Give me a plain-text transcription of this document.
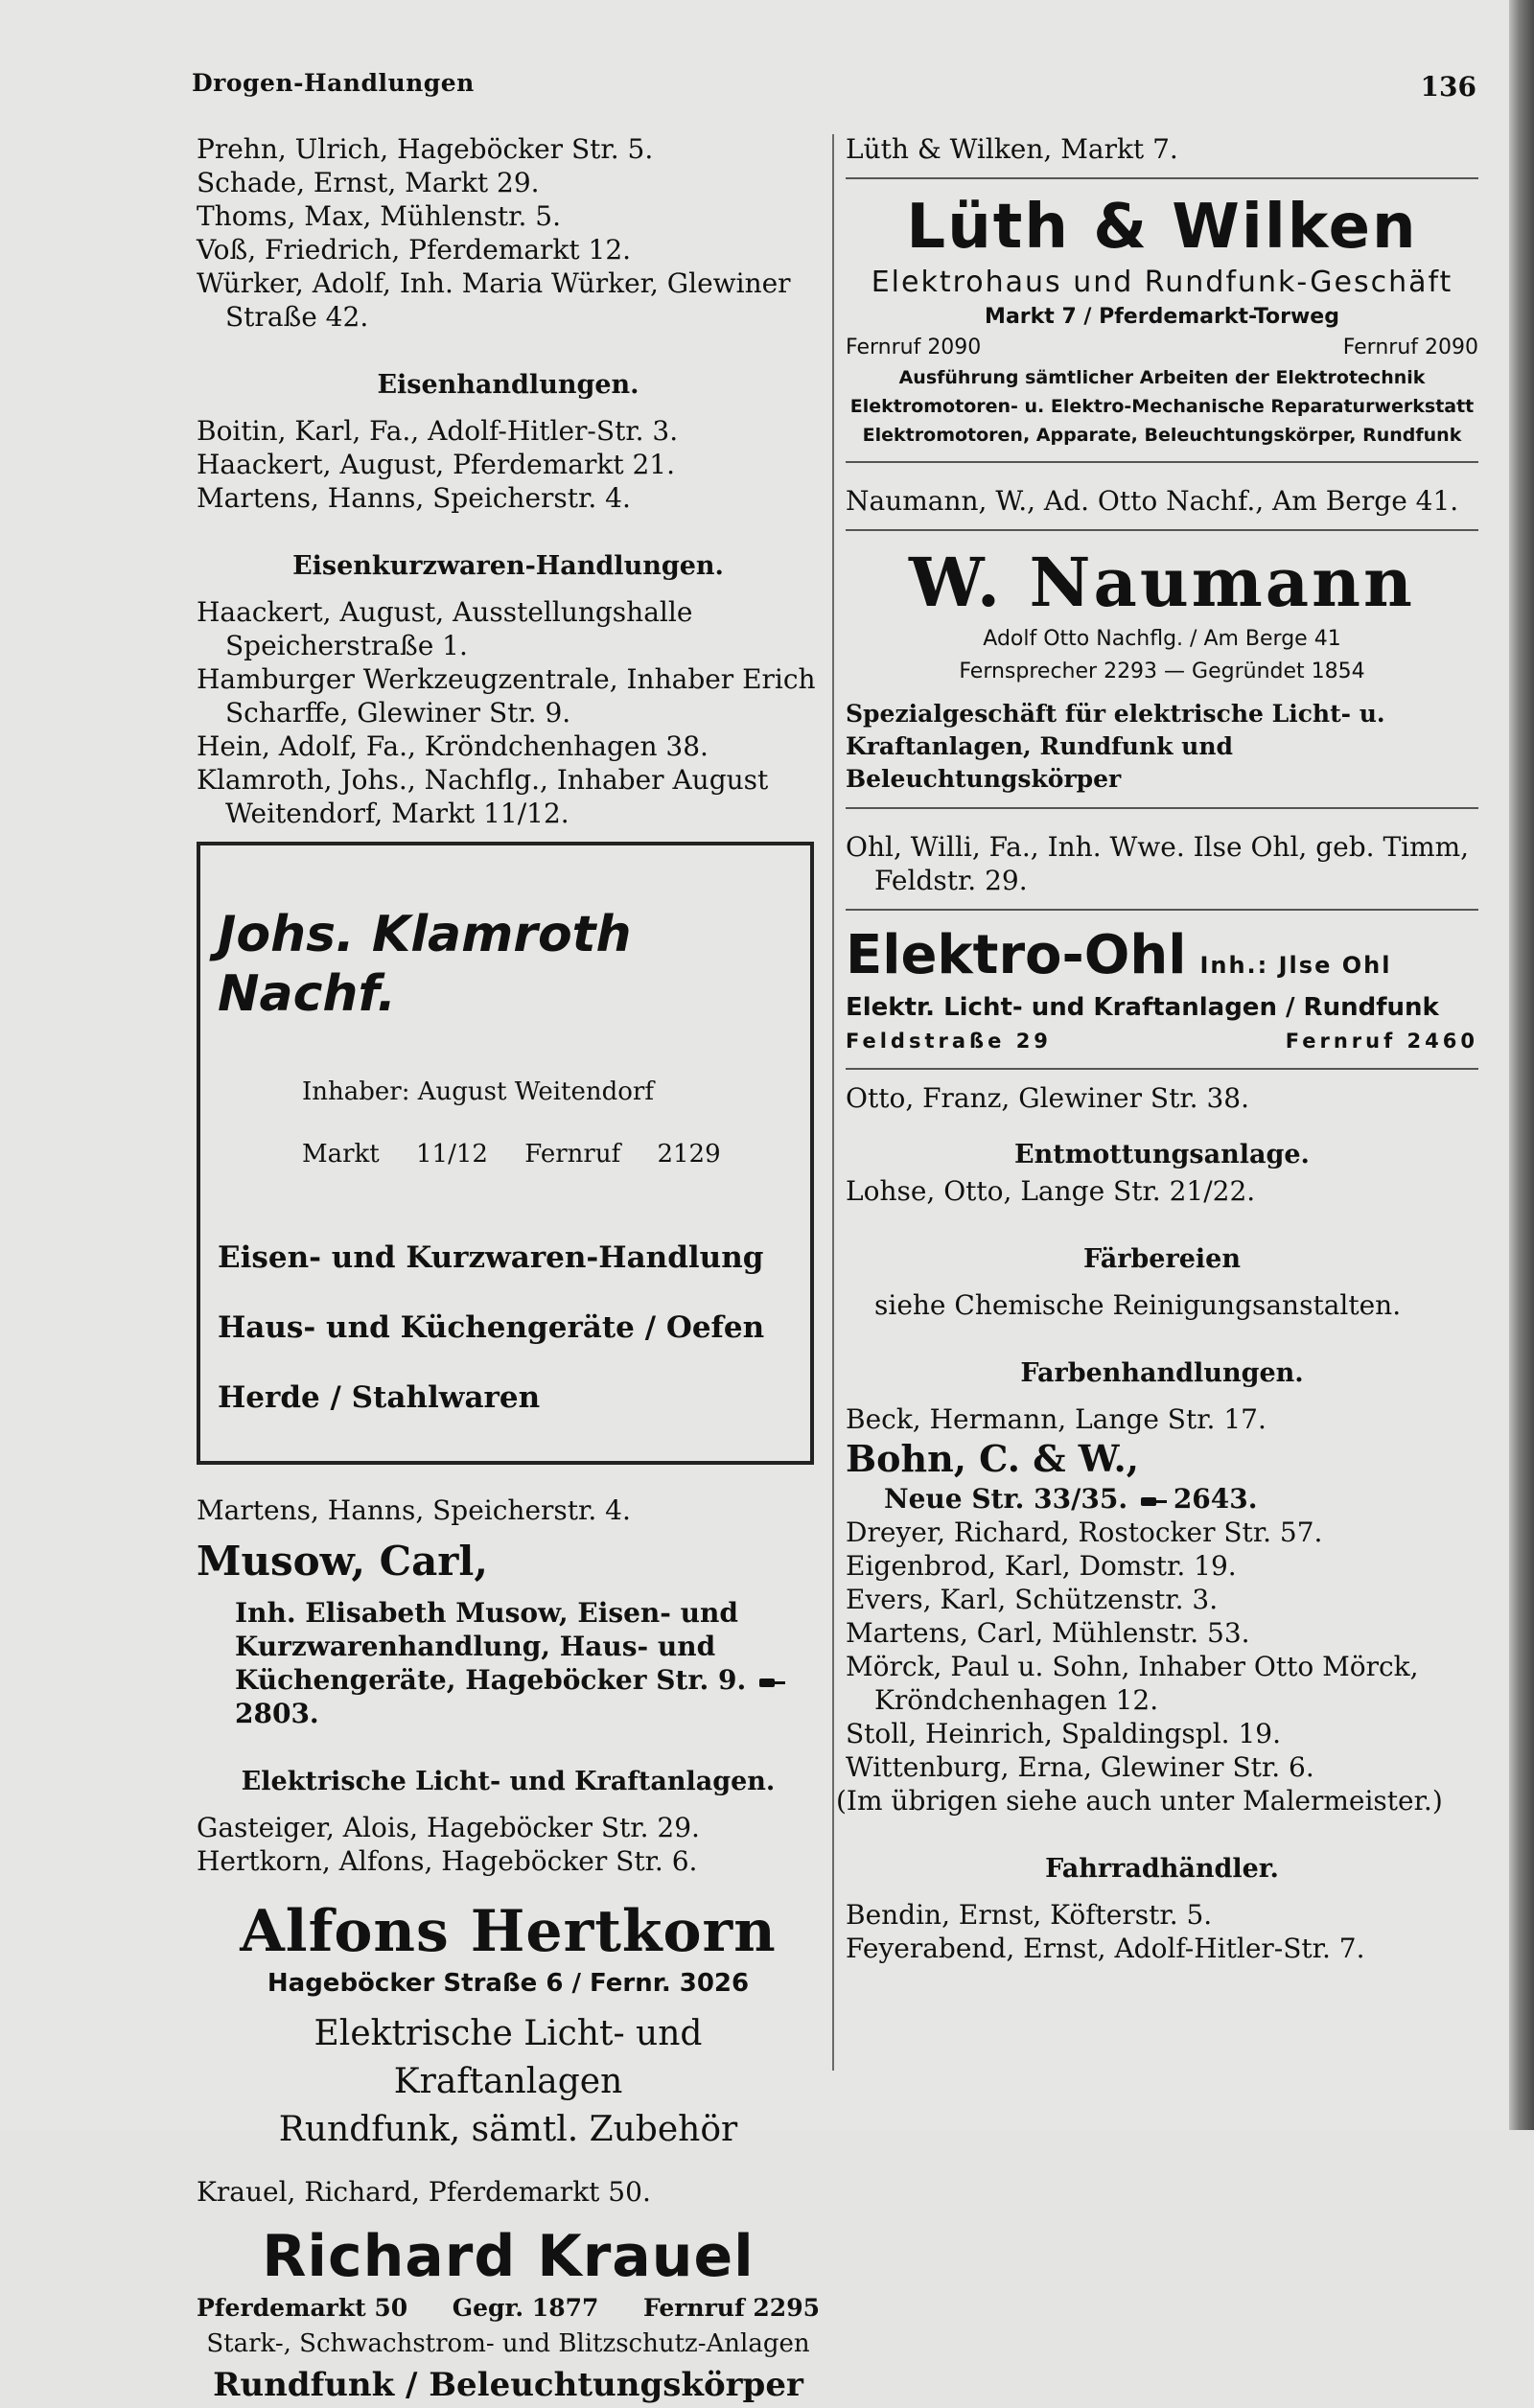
Drogen-Handlungen	136

Prehn, Ulrich, Hageböcker Str. 5.

Schade, Ernst, Markt 29.

Thoms, Max, Mühlenstr. 5.

Voß, Friedrich, Pferdemarkt 12.

Würker, Adolf, Inh. Maria Würker, Glewiner Straße 42.

Eisenhandlungen.

Boitin, Karl, Fa., Adolf-Hitler-Str. 3.

Haackert, August, Pferdemarkt 21.

Martens, Hanns, Speicherstr. 4.

Eisenkurzwaren-Handlungen.

Haackert, August, Ausstellungshalle Speicherstraße 1.

Hamburger Werkzeugzentrale, Inhaber Erich Scharffe, Glewiner Str. 9.

Hein, Adolf, Fa., Kröndchenhagen 38.

Klamroth, Johs., Nachflg., Inhaber August Weitendorf, Markt 11/12.

Johs. Klamroth Nachf.

Inhaber: August Weitendorf

Markt 11/12 Fernruf 2129

Eisen- und Kurzwaren-Handlung

Haus- und Küchengeräte / Oefen

Herde / Stahlwaren

Martens, Hanns, Speicherstr. 4.

Musow, Carl,

Inh. Elisabeth Musow, Eisen- und Kurzwarenhandlung, Haus- und Küchengeräte, Hageböcker Str. 9. 2803.

Elektrische Licht- und Kraftanlagen.

Gasteiger, Alois, Hageböcker Str. 29.

Hertkorn, Alfons, Hageböcker Str. 6.

Alfons Hertkorn

Hageböcker Straße 6 / Fernr. 3026

Elektrische Licht- und Kraftanlagen

Rundfunk, sämtl. Zubehör

Krauel, Richard, Pferdemarkt 50.

Richard Krauel

Pferdemarkt 50 Gegr. 1877 Fernruf 2295

Stark-, Schwachstrom- und Blitzschutz-Anlagen

Rundfunk / Beleuchtungskörper

Lüth & Wilken, Markt 7.

Lüth & Wilken

Elektrohaus und Rundfunk-Geschäft

Markt 7 / Pferdemarkt-Torweg

Fernruf 2090	Fernruf 2090

Ausführung sämtlicher Arbeiten der Elektrotechnik

Elektromotoren- u. Elektro-Mechanische Reparaturwerkstatt

Elektromotoren, Apparate, Beleuchtungskörper, Rundfunk

Naumann, W., Ad. Otto Nachf., Am Berge 41.

W. Naumann

Adolf Otto Nachflg. / Am Berge 41

Fernsprecher 2293 — Gegründet 1854

Spezialgeschäft für elektrische Licht- u. Kraftanlagen, Rundfunk und Beleuchtungskörper

Ohl, Willi, Fa., Inh. Wwe. Ilse Ohl, geb. Timm, Feldstr. 29.

Elektro-Ohl Inh.: Jlse Ohl

Elektr. Licht- und Kraftanlagen / Rundfunk

Feldstraße 29	Fernruf 2460

Otto, Franz, Glewiner Str. 38.

Entmottungsanlage.

Lohse, Otto, Lange Str. 21/22.

Färbereien

siehe Chemische Reinigungsanstalten.

Farbenhandlungen.

Beck, Hermann, Lange Str. 17.

Bohn, C. & W.,

Neue Str. 33/35. 2643.

Dreyer, Richard, Rostocker Str. 57.

Eigenbrod, Karl, Domstr. 19.

Evers, Karl, Schützenstr. 3.

Martens, Carl, Mühlenstr. 53.

Mörck, Paul u. Sohn, Inhaber Otto Mörck, Kröndchenhagen 12.

Stoll, Heinrich, Spaldingspl. 19.

Wittenburg, Erna, Glewiner Str. 6.

(Im übrigen siehe auch unter Malermeister.)

Fahrradhändler.

Bendin, Ernst, Köfterstr. 5.

Feyerabend, Ernst, Adolf-Hitler-Str. 7.
